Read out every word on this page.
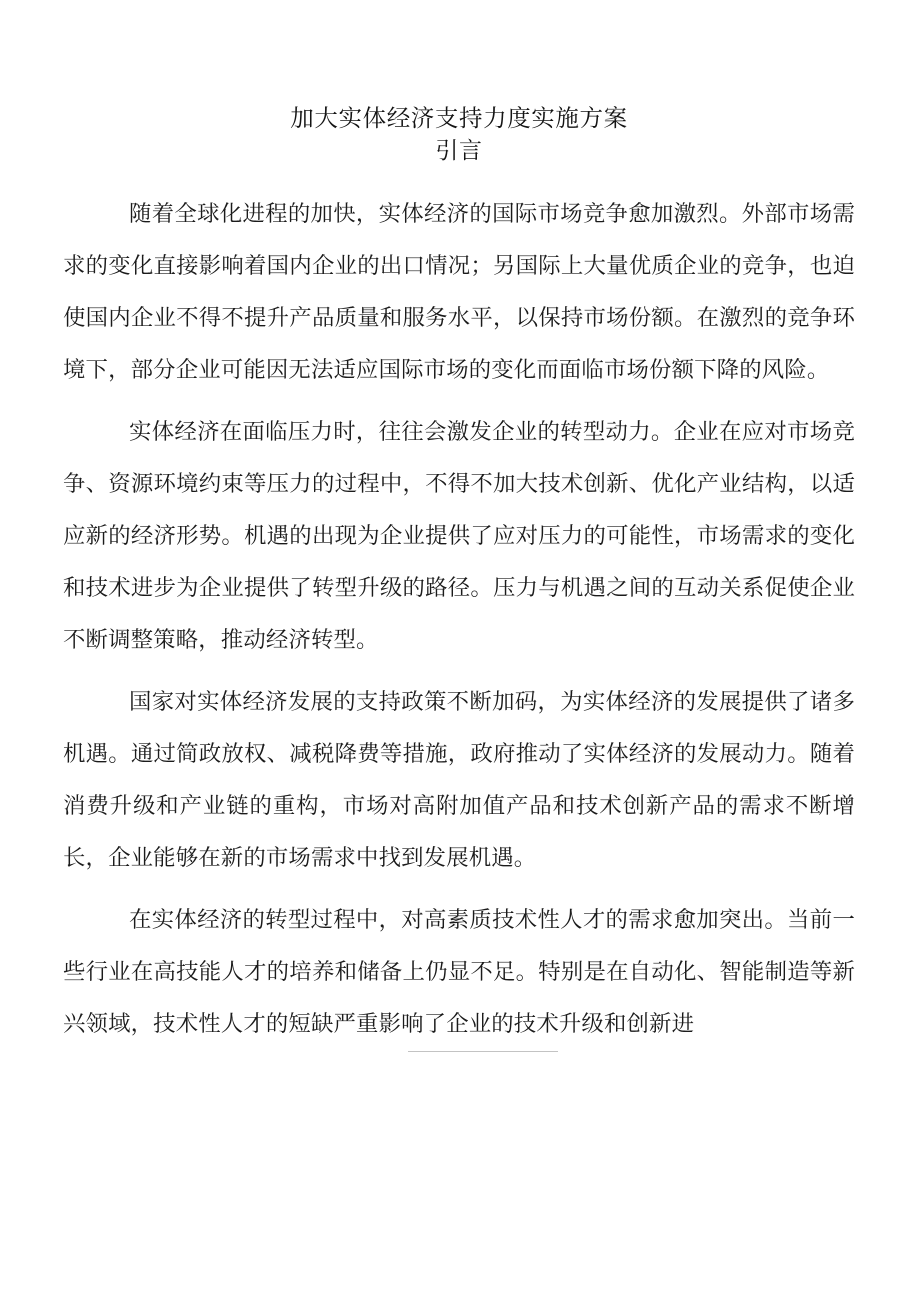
加大实体经济支持力度实施方案
引言

随着全球化进程的加快，实体经济的国际市场竞争愈加激烈。外部市场需求的变化直接影响着国内企业的出口情况；另国际上大量优质企业的竞争，也迫使国内企业不得不提升产品质量和服务水平，以保持市场份额。在激烈的竞争环境下，部分企业可能因无法适应国际市场的变化而面临市场份额下降的风险。

实体经济在面临压力时，往往会激发企业的转型动力。企业在应对市场竞争、资源环境约束等压力的过程中，不得不加大技术创新、优化产业结构，以适应新的经济形势。机遇的出现为企业提供了应对压力的可能性，市场需求的变化和技术进步为企业提供了转型升级的路径。压力与机遇之间的互动关系促使企业不断调整策略，推动经济转型。

国家对实体经济发展的支持政策不断加码，为实体经济的发展提供了诸多机遇。通过简政放权、减税降费等措施，政府推动了实体经济的发展动力。随着消费升级和产业链的重构，市场对高附加值产品和技术创新产品的需求不断增长，企业能够在新的市场需求中找到发展机遇。

在实体经济的转型过程中，对高素质技术性人才的需求愈加突出。当前一些行业在高技能人才的培养和储备上仍显不足。特别是在自动化、智能制造等新兴领域，技术性人才的短缺严重影响了企业的技术升级和创新进
